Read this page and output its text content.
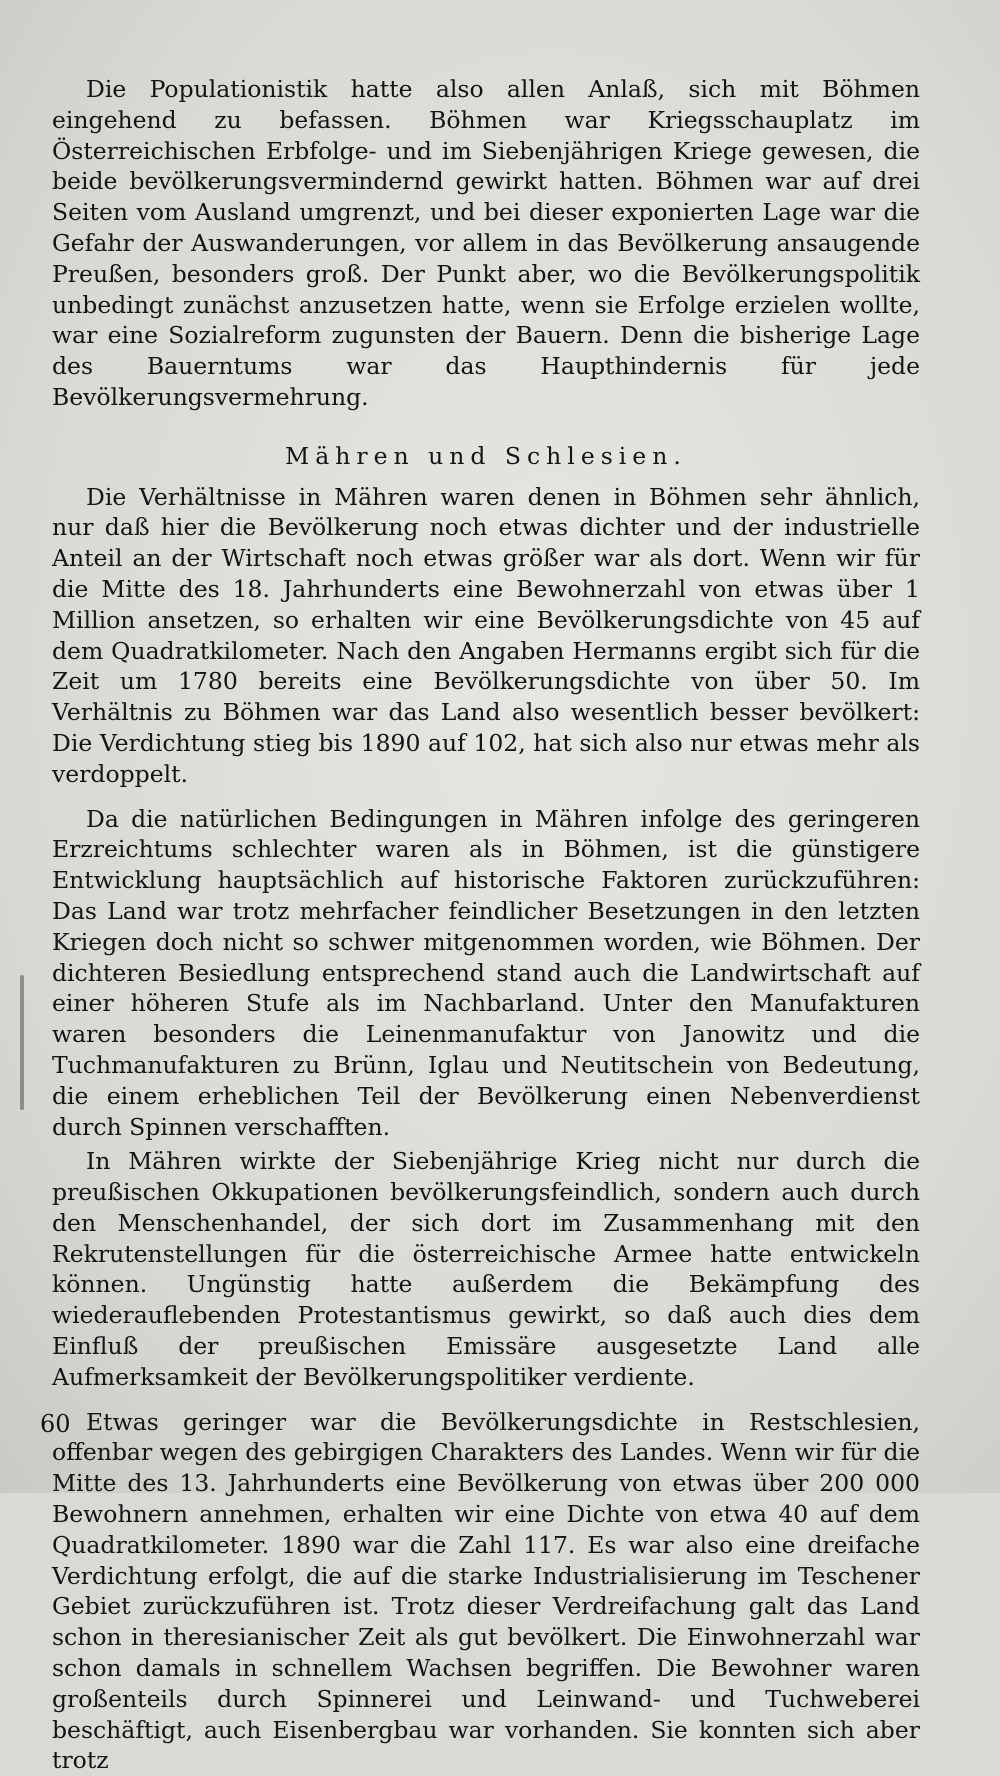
Die Populationistik hatte also allen Anlaß, sich mit Böhmen eingehend zu befassen. Böhmen war Kriegsschauplatz im Österreichischen Erbfolge- und im Siebenjährigen Kriege gewesen, die beide bevölkerungsvermindernd gewirkt hatten. Böhmen war auf drei Seiten vom Ausland umgrenzt, und bei dieser exponierten Lage war die Gefahr der Auswanderungen, vor allem in das Bevölkerung ansaugende Preußen, besonders groß. Der Punkt aber, wo die Bevölkerungspolitik unbedingt zunächst anzusetzen hatte, wenn sie Erfolge erzielen wollte, war eine Sozialreform zugunsten der Bauern. Denn die bisherige Lage des Bauerntums war das Haupthindernis für jede Bevölkerungsvermehrung.

Mähren und Schlesien.

Die Verhältnisse in Mähren waren denen in Böhmen sehr ähnlich, nur daß hier die Bevölkerung noch etwas dichter und der industrielle Anteil an der Wirtschaft noch etwas größer war als dort. Wenn wir für die Mitte des 18. Jahrhunderts eine Bewohnerzahl von etwas über 1 Million ansetzen, so erhalten wir eine Bevölkerungsdichte von 45 auf dem Quadratkilometer. Nach den Angaben Hermanns ergibt sich für die Zeit um 1780 bereits eine Bevölkerungsdichte von über 50. Im Verhältnis zu Böhmen war das Land also wesentlich besser bevölkert: Die Verdichtung stieg bis 1890 auf 102, hat sich also nur etwas mehr als verdoppelt.

Da die natürlichen Bedingungen in Mähren infolge des geringeren Erzreichtums schlechter waren als in Böhmen, ist die günstigere Entwicklung hauptsächlich auf historische Faktoren zurückzuführen: Das Land war trotz mehrfacher feindlicher Besetzungen in den letzten Kriegen doch nicht so schwer mitgenommen worden, wie Böhmen. Der dichteren Besiedlung entsprechend stand auch die Landwirtschaft auf einer höheren Stufe als im Nachbarland. Unter den Manufakturen waren besonders die Leinenmanufaktur von Janowitz und die Tuchmanufakturen zu Brünn, Iglau und Neutitschein von Bedeutung, die einem erheblichen Teil der Bevölkerung einen Nebenverdienst durch Spinnen verschafften.

In Mähren wirkte der Siebenjährige Krieg nicht nur durch die preußischen Okkupationen bevölkerungsfeindlich, sondern auch durch den Menschenhandel, der sich dort im Zusammenhang mit den Rekrutenstellungen für die österreichische Armee hatte entwickeln können. Ungünstig hatte außerdem die Bekämpfung des wiederauflebenden Protestantismus gewirkt, so daß auch dies dem Einfluß der preußischen Emissäre ausgesetzte Land alle Aufmerksamkeit der Bevölkerungspolitiker verdiente.

Etwas geringer war die Bevölkerungsdichte in Restschlesien, offenbar wegen des gebirgigen Charakters des Landes. Wenn wir für die Mitte des 13. Jahrhunderts eine Bevölkerung von etwas über 200 000 Bewohnern annehmen, erhalten wir eine Dichte von etwa 40 auf dem Quadratkilometer. 1890 war die Zahl 117. Es war also eine dreifache Verdichtung erfolgt, die auf die starke Industrialisierung im Teschener Gebiet zurückzuführen ist. Trotz dieser Verdreifachung galt das Land schon in theresianischer Zeit als gut bevölkert. Die Einwohnerzahl war schon damals in schnellem Wachsen begriffen. Die Bewohner waren großenteils durch Spinnerei und Leinwand- und Tuchweberei beschäftigt, auch Eisenbergbau war vorhanden. Sie konnten sich aber trotz

60
